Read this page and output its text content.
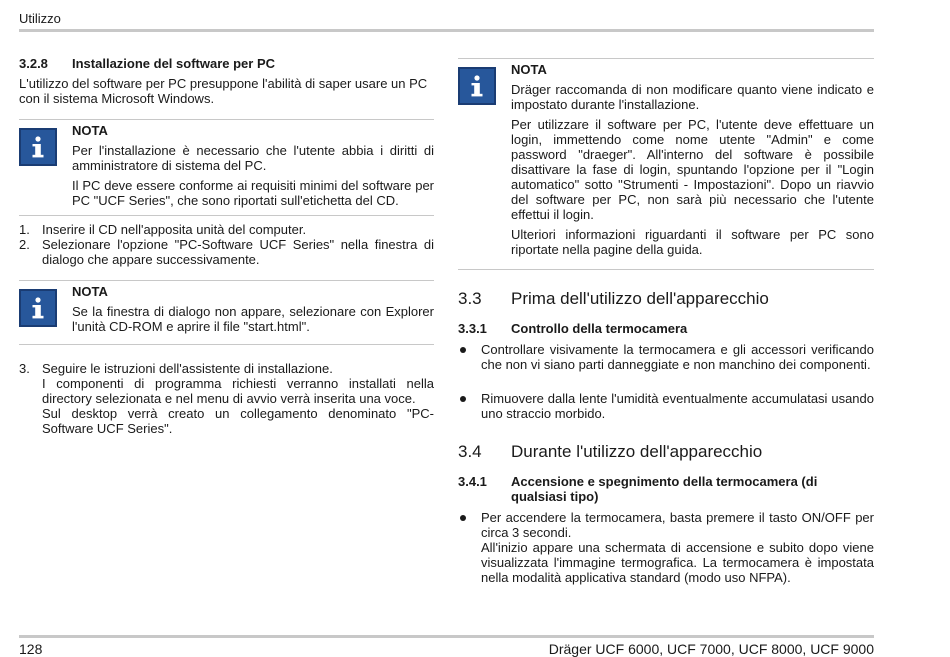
Utilizzo
3.2.8 Installazione del software per PC
L'utilizzo del software per PC presuppone l'abilità di saper usare un PC con il sistema Microsoft Windows.
NOTA
Per l'installazione è necessario che l'utente abbia i diritti di amministratore di sistema del PC.
Il PC deve essere conforme ai requisiti minimi del software per PC "UCF Series", che sono riportati sull'etichetta del CD.
1. Inserire il CD nell'apposita unità del computer.
2. Selezionare l'opzione "PC-Software UCF Series" nella finestra di dialogo che appare successivamente.
NOTA
Se la finestra di dialogo non appare, selezionare con Explorer l'unità CD-ROM e aprire il file "start.html".
3. Seguire le istruzioni dell'assistente di installazione.
I componenti di programma richiesti verranno installati nella directory selezionata e nel menu di avvio verrà inserita una voce.
Sul desktop verrà creato un collegamento denominato "PC-Software UCF Series".
NOTA
Dräger raccomanda di non modificare quanto viene indicato e impostato durante l'installazione.
Per utilizzare il software per PC, l'utente deve effettuare un login, immettendo come nome utente "Admin" e come password "draeger". All'interno del software è possibile disattivare la fase di login, spuntando l'opzione per il "Login automatico" sotto "Strumenti - Impostazioni". Dopo un riavvio del software per PC, non sarà più necessario che l'utente effettui il login.
Ulteriori informazioni riguardanti il software per PC sono riportate nella pagine della guida.
3.3 Prima dell'utilizzo dell'apparecchio
3.3.1 Controllo della termocamera
Controllare visivamente la termocamera e gli accessori verificando che non vi siano parti danneggiate e non manchino dei componenti.
Rimuovere dalla lente l'umidità eventualmente accumulatasi usando uno straccio morbido.
3.4 Durante l'utilizzo dell'apparecchio
3.4.1 Accensione e spegnimento della termocamera (di qualsiasi tipo)
Per accendere la termocamera, basta premere il tasto ON/OFF per circa 3 secondi.
All'inizio appare una schermata di accensione e subito dopo viene visualizzata l'immagine termografica. La termocamera è impostata nella modalità applicativa standard (modo uso NFPA).
128	Dräger UCF 6000, UCF 7000, UCF 8000, UCF 9000
